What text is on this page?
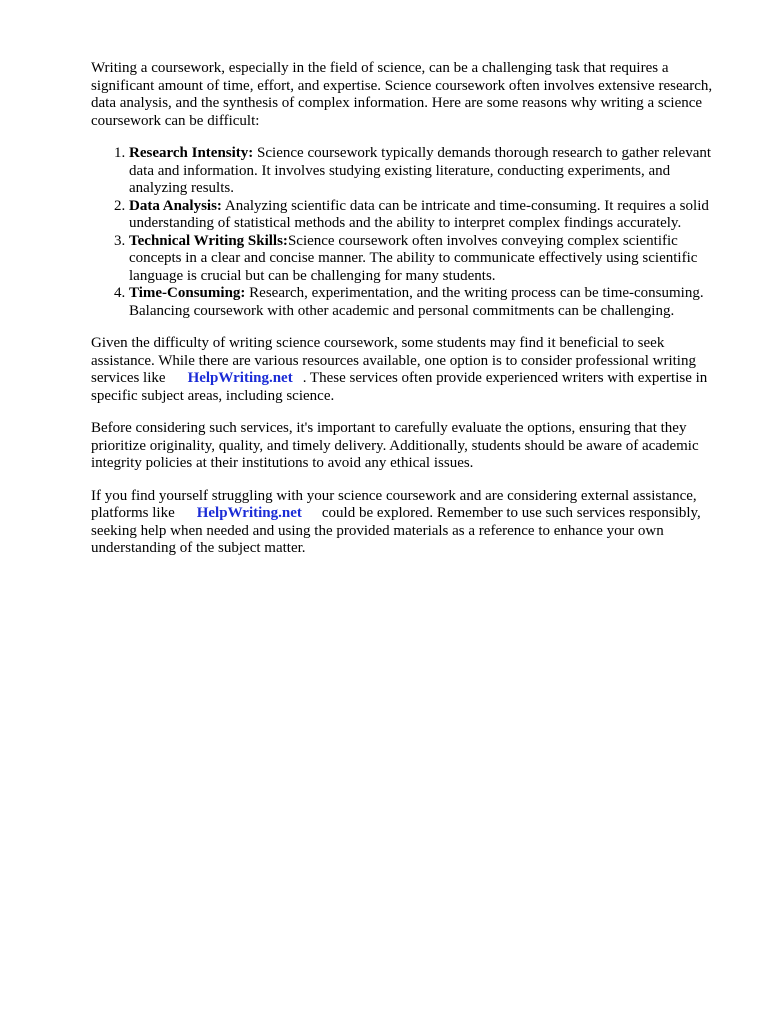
Writing a coursework, especially in the field of science, can be a challenging task that requires a significant amount of time, effort, and expertise. Science coursework often involves extensive research, data analysis, and the synthesis of complex information. Here are some reasons why writing a science coursework can be difficult:

1. Research Intensity: Science coursework typically demands thorough research to gather relevant data and information. It involves studying existing literature, conducting experiments, and analyzing results.
2. Data Analysis: Analyzing scientific data can be intricate and time-consuming. It requires a solid understanding of statistical methods and the ability to interpret complex findings accurately.
3. Technical Writing Skills:Science coursework often involves conveying complex scientific concepts in a clear and concise manner. The ability to communicate effectively using scientific language is crucial but can be challenging for many students.
4. Time-Consuming: Research, experimentation, and the writing process can be time-consuming. Balancing coursework with other academic and personal commitments can be challenging.

Given the difficulty of writing science coursework, some students may find it beneficial to seek assistance. While there are various resources available, one option is to consider professional writing services like HelpWriting.net . These services often provide experienced writers with expertise in specific subject areas, including science.

Before considering such services, it's important to carefully evaluate the options, ensuring that they prioritize originality, quality, and timely delivery. Additionally, students should be aware of academic integrity policies at their institutions to avoid any ethical issues.

If you find yourself struggling with your science coursework and are considering external assistance, platforms like HelpWriting.net could be explored. Remember to use such services responsibly, seeking help when needed and using the provided materials as a reference to enhance your own understanding of the subject matter.
